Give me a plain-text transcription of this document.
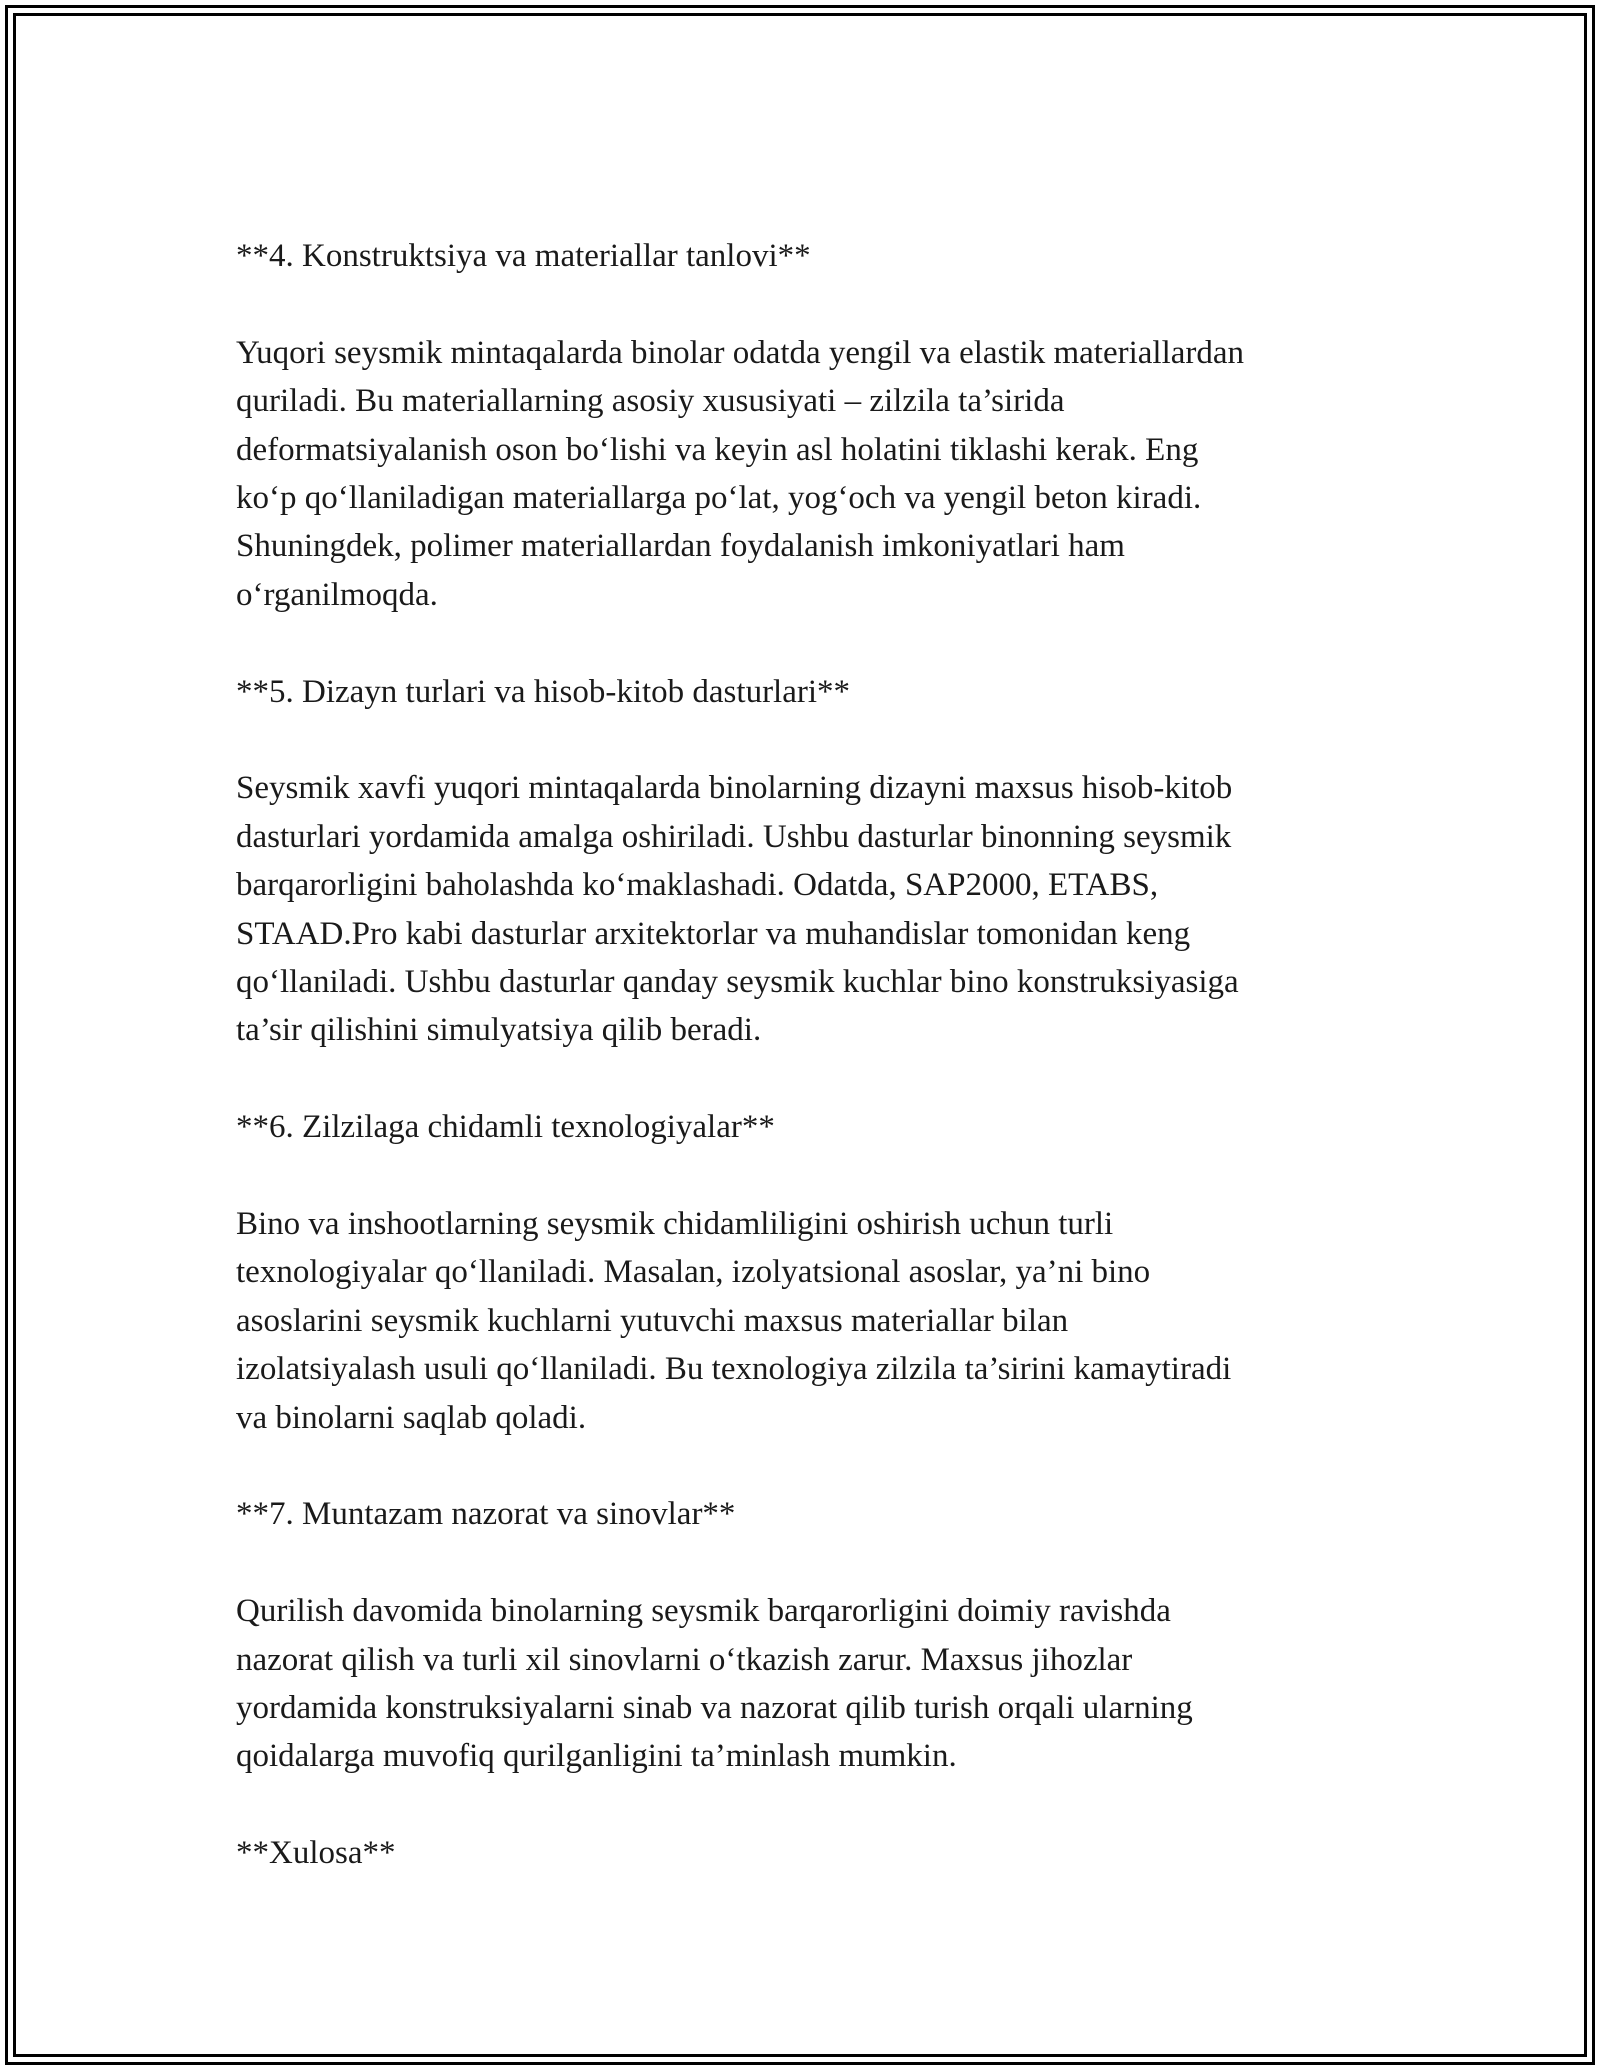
**4. Konstruktsiya va materiallar tanlovi**

Yuqori seysmik mintaqalarda binolar odatda yengil va elastik materiallardan
quriladi. Bu materiallarning asosiy xususiyati – zilzila ta’sirida
deformatsiyalanish oson bo‘lishi va keyin asl holatini tiklashi kerak. Eng
ko‘p qo‘llaniladigan materiallarga po‘lat, yog‘och va yengil beton kiradi.
Shuningdek, polimer materiallardan foydalanish imkoniyatlari ham
o‘rganilmoqda.

**5. Dizayn turlari va hisob-kitob dasturlari**

Seysmik xavfi yuqori mintaqalarda binolarning dizayni maxsus hisob-kitob
dasturlari yordamida amalga oshiriladi. Ushbu dasturlar binonning seysmik
barqarorligini baholashda ko‘maklashadi. Odatda, SAP2000, ETABS,
STAAD.Pro kabi dasturlar arxitektorlar va muhandislar tomonidan keng
qo‘llaniladi. Ushbu dasturlar qanday seysmik kuchlar bino konstruksiyasiga
ta’sir qilishini simulyatsiya qilib beradi.

**6. Zilzilaga chidamli texnologiyalar**

Bino va inshootlarning seysmik chidamliligini oshirish uchun turli
texnologiyalar qo‘llaniladi. Masalan, izolyatsional asoslar, ya’ni bino
asoslarini seysmik kuchlarni yutuvchi maxsus materiallar bilan
izolatsiyalash usuli qo‘llaniladi. Bu texnologiya zilzila ta’sirini kamaytiradi
va binolarni saqlab qoladi.

**7. Muntazam nazorat va sinovlar**

Qurilish davomida binolarning seysmik barqarorligini doimiy ravishda
nazorat qilish va turli xil sinovlarni o‘tkazish zarur. Maxsus jihozlar
yordamida konstruksiyalarni sinab va nazorat qilib turish orqali ularning
qoidalarga muvofiq qurilganligini ta’minlash mumkin.

**Xulosa**
